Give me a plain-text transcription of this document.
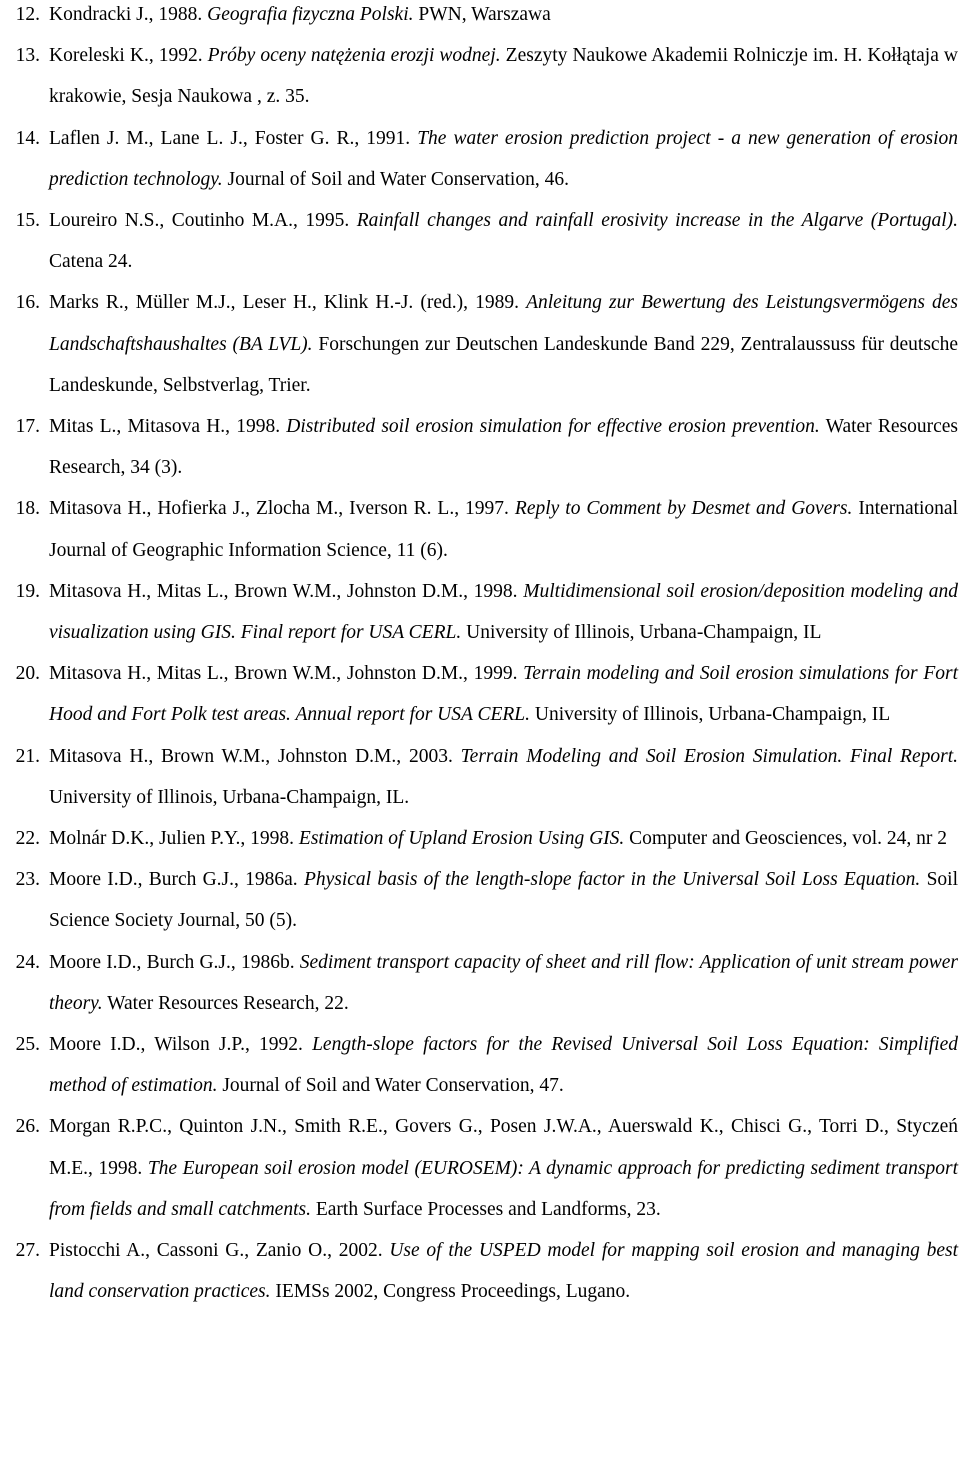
12. Kondracki J., 1988. Geografia fizyczna Polski. PWN, Warszawa
13. Koreleski K., 1992. Próby oceny natężenia erozji wodnej. Zeszyty Naukowe Akademii Rolniczje im. H. Kołłątaja w krakowie, Sesja Naukowa , z. 35.
14. Laflen J. M., Lane L. J., Foster G. R., 1991. The water erosion prediction project - a new generation of erosion prediction technology. Journal of Soil and Water Conservation, 46.
15. Loureiro N.S., Coutinho M.A., 1995. Rainfall changes and rainfall erosivity increase in the Algarve (Portugal). Catena 24.
16. Marks R., Müller M.J., Leser H., Klink H.-J. (red.), 1989. Anleitung zur Bewertung des Leistungsvermögens des Landschaftshaushaltes (BA LVL). Forschungen zur Deutschen Landeskunde Band 229, Zentralaussuss für deutsche Landeskunde, Selbstverlag, Trier.
17. Mitas L., Mitasova H., 1998. Distributed soil erosion simulation for effective erosion prevention. Water Resources Research, 34 (3).
18. Mitasova H., Hofierka J., Zlocha M., Iverson R. L., 1997. Reply to Comment by Desmet and Govers. International Journal of Geographic Information Science, 11 (6).
19. Mitasova H., Mitas L., Brown W.M., Johnston D.M., 1998. Multidimensional soil erosion/deposition modeling and visualization using GIS. Final report for USA CERL. University of Illinois, Urbana-Champaign, IL
20. Mitasova H., Mitas L., Brown W.M., Johnston D.M., 1999. Terrain modeling and Soil erosion simulations for Fort Hood and Fort Polk test areas. Annual report for USA CERL. University of Illinois, Urbana-Champaign, IL
21. Mitasova H., Brown W.M., Johnston D.M., 2003. Terrain Modeling and Soil Erosion Simulation. Final Report. University of Illinois, Urbana-Champaign, IL.
22. Molnár D.K., Julien P.Y., 1998. Estimation of Upland Erosion Using GIS. Computer and Geosciences, vol. 24, nr 2
23. Moore I.D., Burch G.J., 1986a. Physical basis of the length-slope factor in the Universal Soil Loss Equation. Soil Science Society Journal, 50 (5).
24. Moore I.D., Burch G.J., 1986b. Sediment transport capacity of sheet and rill flow: Application of unit stream power theory. Water Resources Research, 22.
25. Moore I.D., Wilson J.P., 1992. Length-slope factors for the Revised Universal Soil Loss Equation: Simplified method of estimation. Journal of Soil and Water Conservation, 47.
26. Morgan R.P.C., Quinton J.N., Smith R.E., Govers G., Posen J.W.A., Auerswald K., Chisci G., Torri D., Styczeń M.E., 1998. The European soil erosion model (EUROSEM): A dynamic approach for predicting sediment transport from fields and small catchments. Earth Surface Processes and Landforms, 23.
27. Pistocchi A., Cassoni G., Zanio O., 2002. Use of the USPED model for mapping soil erosion and managing best land conservation practices. IEMSs 2002, Congress Proceedings, Lugano.
